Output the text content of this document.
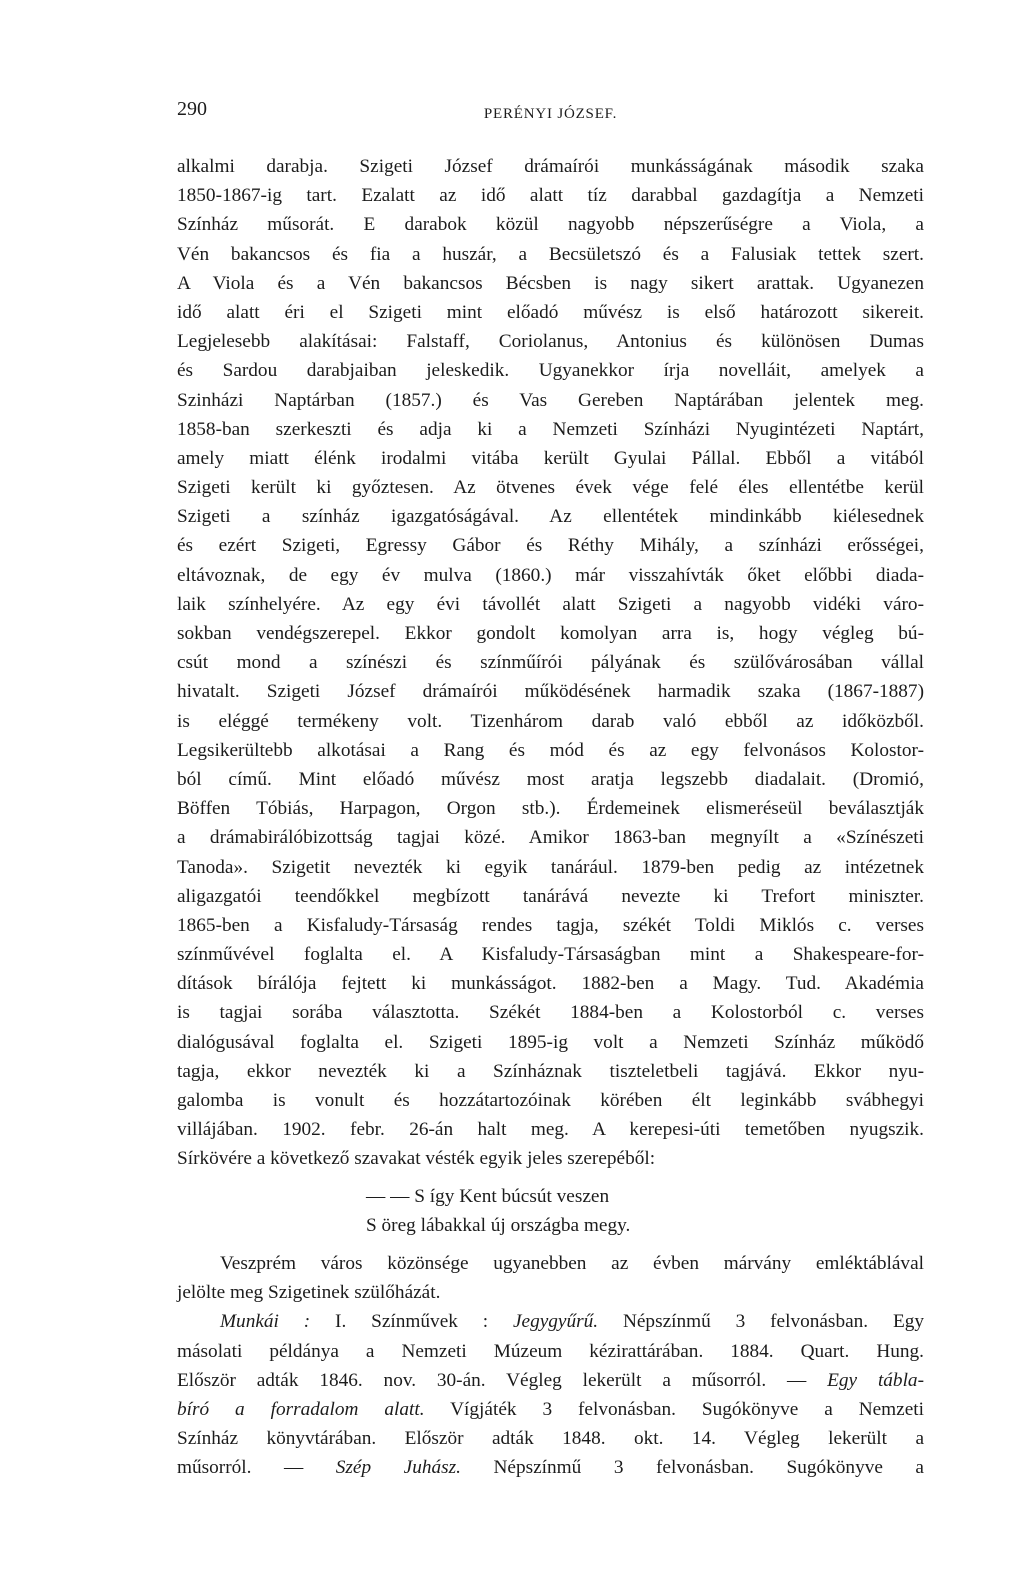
290	PERÉNYI JÓZSEF.
alkalmi darabja. Szigeti József drámaírói munkásságának második szaka
1850-1867-ig tart. Ezalatt az idő alatt tíz darabbal gazdagítja a Nemzeti
Színház műsorát. E darabok közül nagyobb népszerűségre a Viola, a
Vén bakancsos és fia a huszár, a Becsületszó és a Falusiak tettek szert.
A Viola és a Vén bakancsos Bécsben is nagy sikert arattak. Ugyanezen
idő alatt éri el Szigeti mint előadó művész is első határozott sikereit.
Legjelesebb alakításai: Falstaff, Coriolanus, Antonius és különösen Dumas
és Sardou darabjaiban jeleskedik. Ugyanekkor írja novelláit, amelyek a
Szinházi Naptárban (1857.) és Vas Gereben Naptárában jelentek meg.
1858-ban szerkeszti és adja ki a Nemzeti Színházi Nyugintézeti Naptárt,
amely miatt élénk irodalmi vitába került Gyulai Pállal. Ebből a vitából
Szigeti került ki győztesen. Az ötvenes évek vége felé éles ellentétbe kerül
Szigeti a színház igazgatóságával. Az ellentétek mindinkább kiélesednek
és ezért Szigeti, Egressy Gábor és Réthy Mihály, a színházi erősségei,
eltávoznak, de egy év mulva (1860.) már visszahívták őket előbbi diada-
laik színhelyére. Az egy évi távollét alatt Szigeti a nagyobb vidéki váro-
sokban vendégszerepel. Ekkor gondolt komolyan arra is, hogy végleg bú-
csút mond a színészi és színműírói pályának és szülővárosában vállal
hivatalt. Szigeti József drámaírói működésének harmadik szaka (1867-1887)
is eléggé termékeny volt. Tizenhárom darab való ebből az időközből.
Legsikerültebb alkotásai a Rang és mód és az egy felvonásos Kolostor-
ból című. Mint előadó művész most aratja legszebb diadalait. (Dromió,
Böffen Tóbiás, Harpagon, Orgon stb.). Érdemeinek elismeréseül beválasztják
a drámabirálóbizottság tagjai közé. Amikor 1863-ban megnyílt a «Színészeti
Tanoda». Szigetit nevezték ki egyik tanárául. 1879-ben pedig az intézetnek
aligazgatói teendőkkel megbízott tanárává nevezte ki Trefort miniszter.
1865-ben a Kisfaludy-Társaság rendes tagja, székét Toldi Miklós c. verses
színművével foglalta el. A Kisfaludy-Társaságban mint a Shakespeare-for-
dítások bírálója fejtett ki munkásságot. 1882-ben a Magy. Tud. Akadémia
is tagjai sorába választotta. Székét 1884-ben a Kolostorból c. verses
dialógusával foglalta el. Szigeti 1895-ig volt a Nemzeti Színház működő
tagja, ekkor nevezték ki a Színháznak tiszteletbeli tagjává. Ekkor nyu-
galomba is vonult és hozzátartozóinak körében élt leginkább svábhegyi
villájában. 1902. febr. 26-án halt meg. A kerepesi-úti temetőben nyugszik.
Sírkövére a következő szavakat vésték egyik jeles szerepéből:
— — S így Kent búcsút veszen
S öreg lábakkal új országba megy.
Veszprém város közönsége ugyanebben az évben márvány emléktáblával
jelölte meg Szigetinek szülőházát.
Munkái : I. Színművek : Jegygyűrű. Népszínmű 3 felvonásban. Egy
másolati példánya a Nemzeti Múzeum kézirattárában. 1884. Quart. Hung.
Először adták 1846. nov. 30-án. Végleg lekerült a műsorról. — Egy tábla-
bíró a forradalom alatt. Vígjáték 3 felvonásban. Sugókönyve a Nemzeti
Színház könyvtárában. Először adták 1848. okt. 14. Végleg lekerült a
műsorról. — Szép Juhász. Népszínmű 3 felvonásban. Sugókönyve a
